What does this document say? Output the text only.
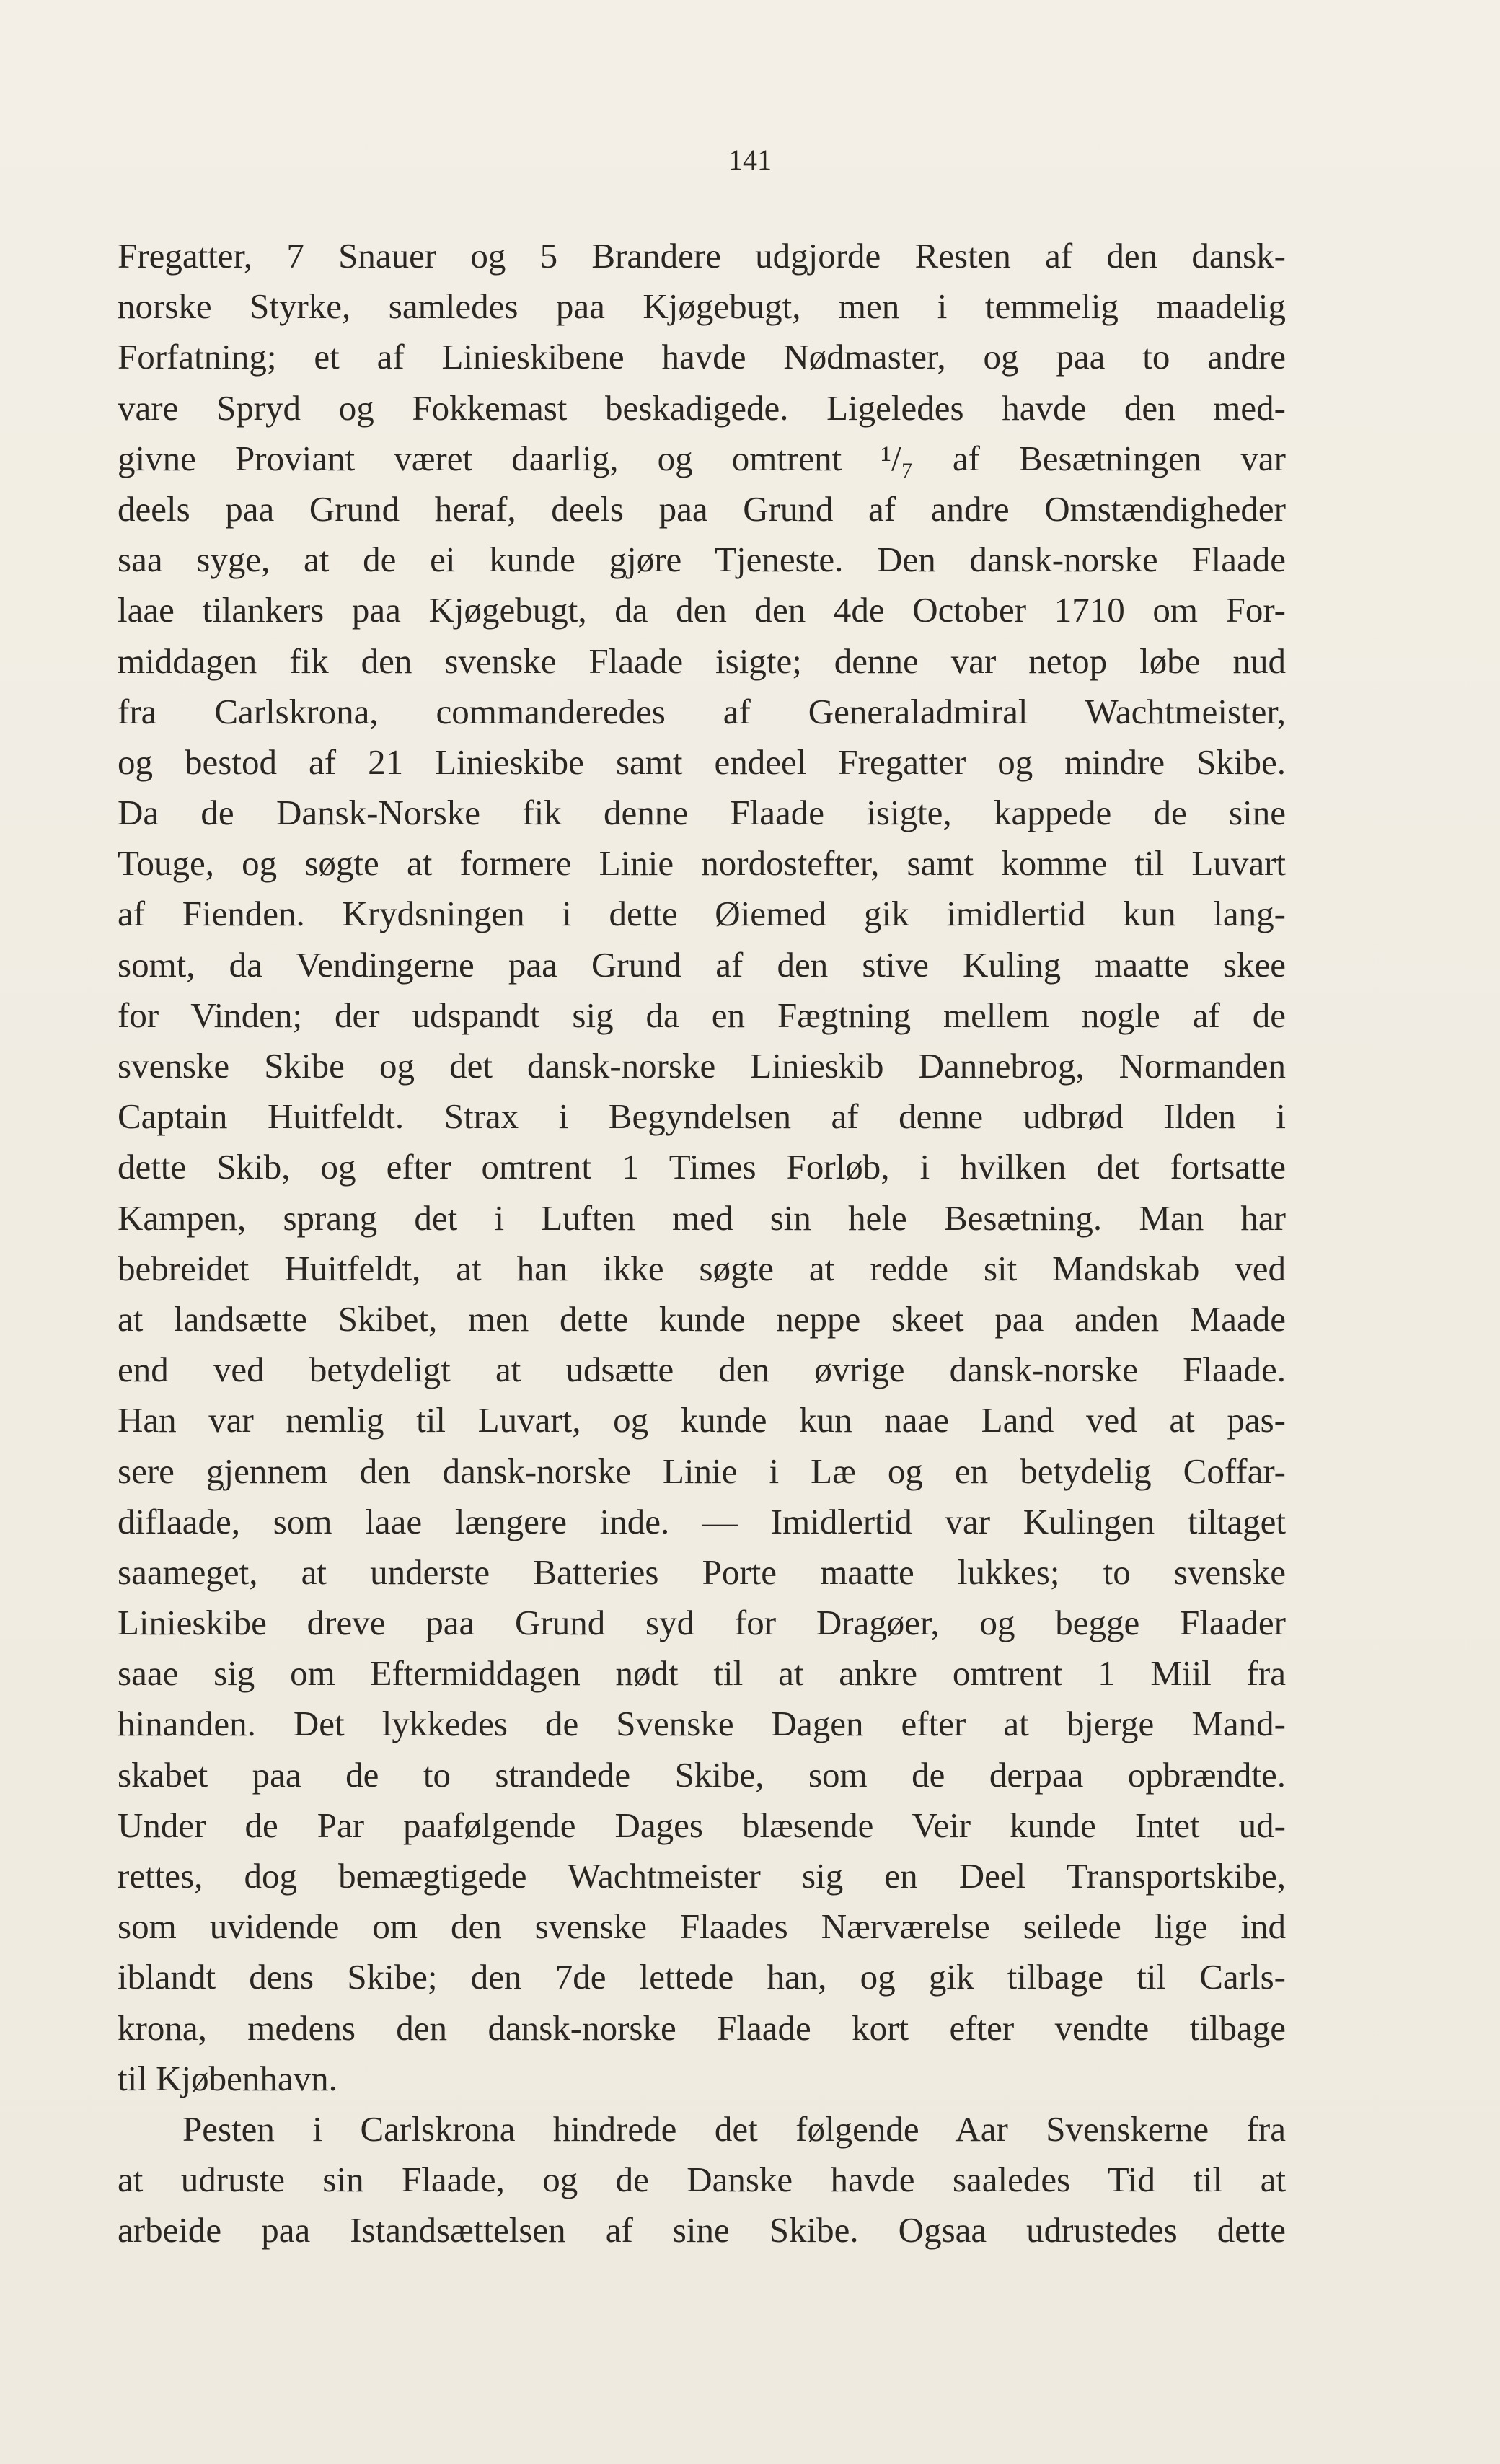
141
Fregatter, 7 Snauer og 5 Brandere udgjorde Resten af den dansk-
norske Styrke, samledes paa Kjøgebugt, men i temmelig maadelig
Forfatning; et af Linieskibene havde Nødmaster, og paa to andre
vare Spryd og Fokkemast beskadigede. Ligeledes havde den med-
givne Proviant været daarlig, og omtrent ¹/₇ af Besætningen var
deels paa Grund heraf, deels paa Grund af andre Omstændigheder
saa syge, at de ei kunde gjøre Tjeneste. Den dansk-norske Flaade
laae tilankers paa Kjøgebugt, da den den 4de October 1710 om For-
middagen fik den svenske Flaade isigte; denne var netop løbe nud
fra Carlskrona, commanderedes af Generaladmiral Wachtmeister,
og bestod af 21 Linieskibe samt endeel Fregatter og mindre Skibe.
Da de Dansk-Norske fik denne Flaade isigte, kappede de sine
Touge, og søgte at formere Linie nordostefter, samt komme til Luvart
af Fienden. Krydsningen i dette Øiemed gik imidlertid kun lang-
somt, da Vendingerne paa Grund af den stive Kuling maatte skee
for Vinden; der udspandt sig da en Fægtning mellem nogle af de
svenske Skibe og det dansk-norske Linieskib Dannebrog, Normanden
Captain Huitfeldt. Strax i Begyndelsen af denne udbrød Ilden i
dette Skib, og efter omtrent 1 Times Forløb, i hvilken det fortsatte
Kampen, sprang det i Luften med sin hele Besætning. Man har
bebreidet Huitfeldt, at han ikke søgte at redde sit Mandskab ved
at landsætte Skibet, men dette kunde neppe skeet paa anden Maade
end ved betydeligt at udsætte den øvrige dansk-norske Flaade.
Han var nemlig til Luvart, og kunde kun naae Land ved at pas-
sere gjennem den dansk-norske Linie i Læ og en betydelig Coffar-
diflaade, som laae længere inde. — Imidlertid var Kulingen tiltaget
saameget, at underste Batteries Porte maatte lukkes; to svenske
Linieskibe dreve paa Grund syd for Dragøer, og begge Flaader
saae sig om Eftermiddagen nødt til at ankre omtrent 1 Miil fra
hinanden. Det lykkedes de Svenske Dagen efter at bjerge Mand-
skabet paa de to strandede Skibe, som de derpaa opbrændte.
Under de Par paafølgende Dages blæsende Veir kunde Intet ud-
rettes, dog bemægtigede Wachtmeister sig en Deel Transportskibe,
som uvidende om den svenske Flaades Nærværelse seilede lige ind
iblandt dens Skibe; den 7de lettede han, og gik tilbage til Carls-
krona, medens den dansk-norske Flaade kort efter vendte tilbage
til Kjøbenhavn.
Pesten i Carlskrona hindrede det følgende Aar Svenskerne fra
at udruste sin Flaade, og de Danske havde saaledes Tid til at
arbeide paa Istandsættelsen af sine Skibe. Ogsaa udrustedes dette
